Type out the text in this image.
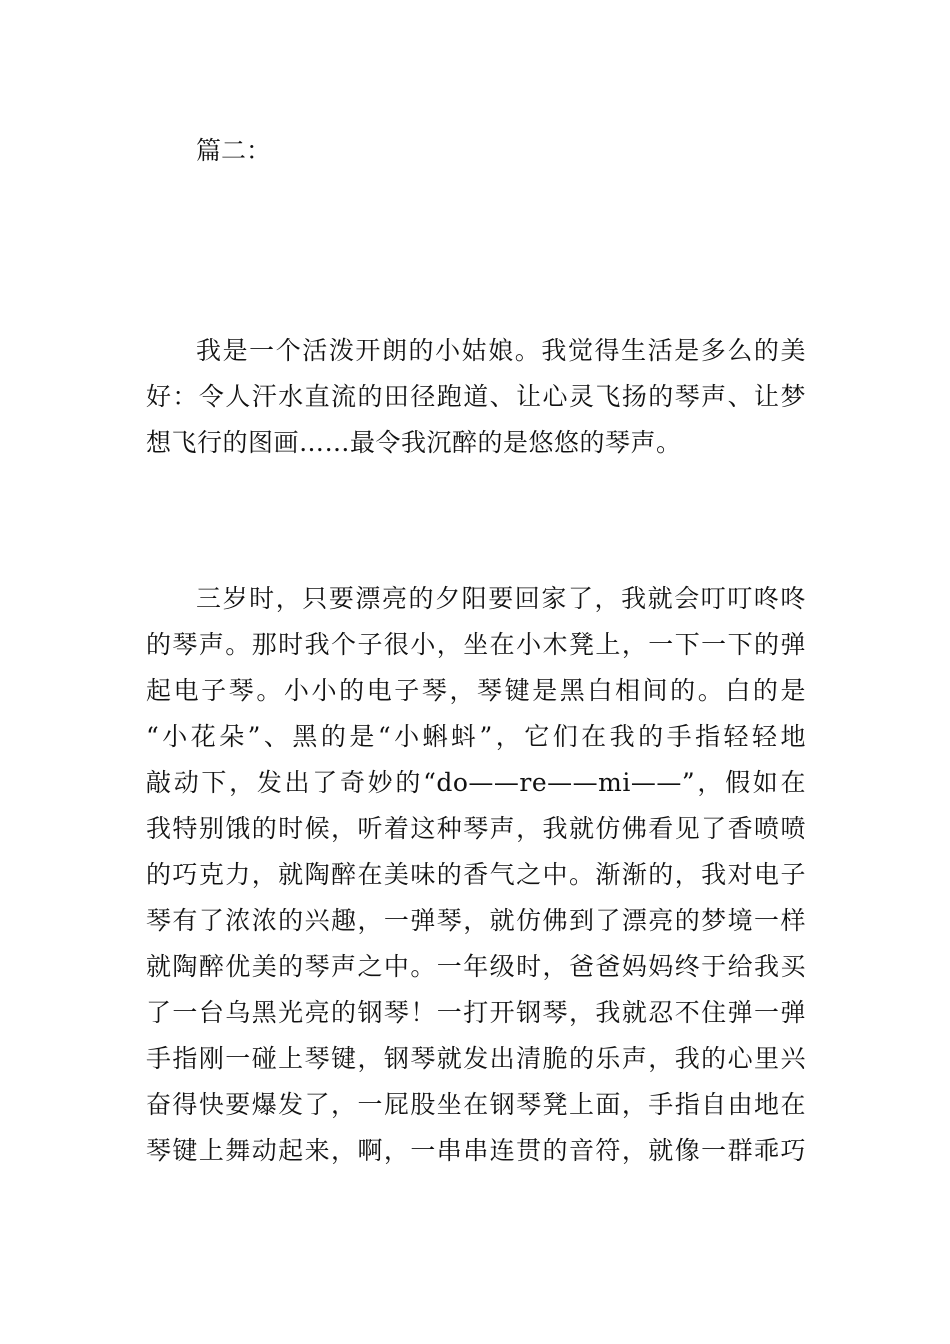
篇二：
我是一个活泼开朗的小姑娘。我觉得生活是多么的美
好：令人汗水直流的田径跑道、让心灵飞扬的琴声、让梦
想飞行的图画……最令我沉醉的是悠悠的琴声。
三岁时，只要漂亮的夕阳要回家了，我就会叮叮咚咚
的琴声。那时我个子很小，坐在小木凳上，一下一下的弹
起电子琴。小小的电子琴，琴键是黑白相间的。白的是
“小花朵”、黑的是“小蝌蚪”，它们在我的手指轻轻地
敲动下，发出了奇妙的“do——re——mi——”，假如在
我特别饿的时候，听着这种琴声，我就仿佛看见了香喷喷
的巧克力，就陶醉在美味的香气之中。渐渐的，我对电子
琴有了浓浓的兴趣，一弹琴，就仿佛到了漂亮的梦境一样
就陶醉优美的琴声之中。一年级时，爸爸妈妈终于给我买
了一台乌黑光亮的钢琴！一打开钢琴，我就忍不住弹一弹
手指刚一碰上琴键，钢琴就发出清脆的乐声，我的心里兴
奋得快要爆发了，一屁股坐在钢琴凳上面，手指自由地在
琴键上舞动起来，啊，一串串连贯的音符，就像一群乖巧
